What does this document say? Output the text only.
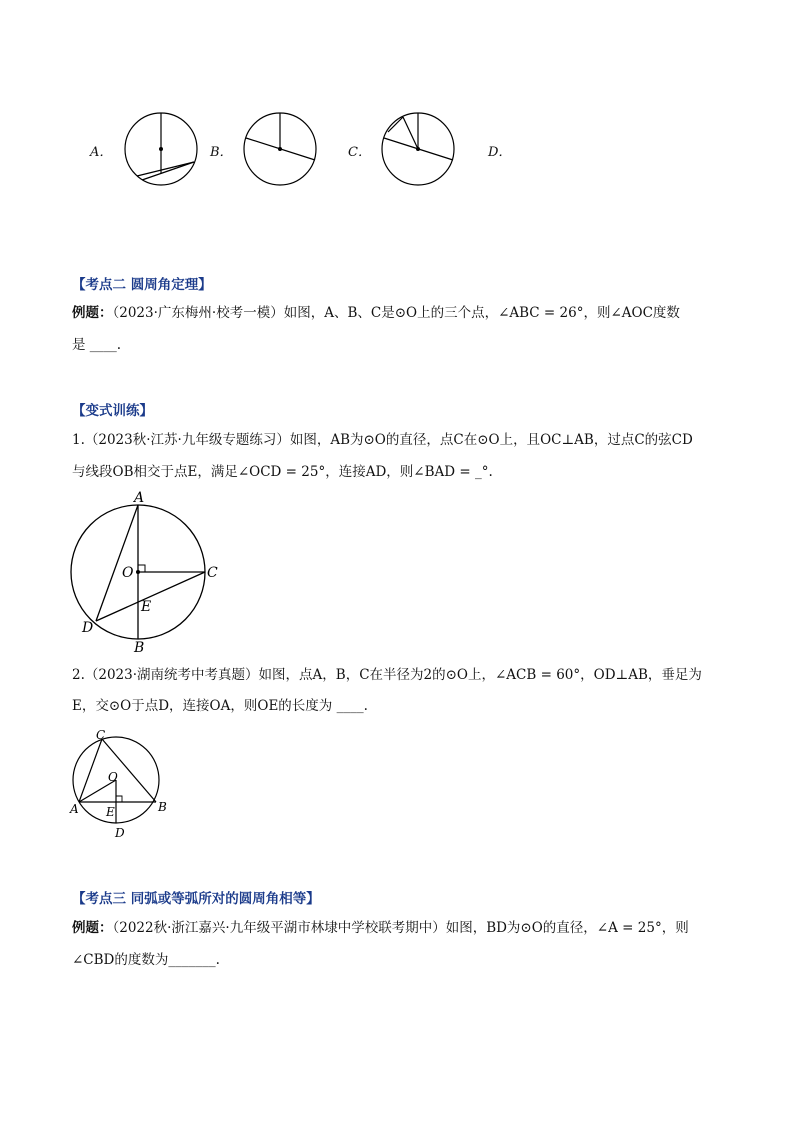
A．	B．	C．	D．
【考点二 圆周角定理】
例题：（2023·广东梅州·校考一模）如图，A、B、C是⊙O上的三个点，∠ABC = 26°，则∠AOC度数
是 ____.
【变式训练】
1.（2023秋·江苏·九年级专题练习）如图，AB为⊙O的直径，点C在⊙O上，且OC⊥AB，过点C的弦CD
与线段OB相交于点E，满足∠OCD = 25°，连接AD，则∠BAD = _°.
A
B
C
D
E
O
2.（2023·湖南统考中考真题）如图，点A，B，C在半径为2的⊙O上，∠ACB = 60°，OD⊥AB，垂足为
E，交⊙O于点D，连接OA，则OE的长度为 ____.
C
O
A	B
E
D
【考点三 同弧或等弧所对的圆周角相等】
例题：（2022秋·浙江嘉兴·九年级平湖市林埭中学校联考期中）如图，BD为⊙O的直径，∠A = 25°，则
∠CBD的度数为_______.
